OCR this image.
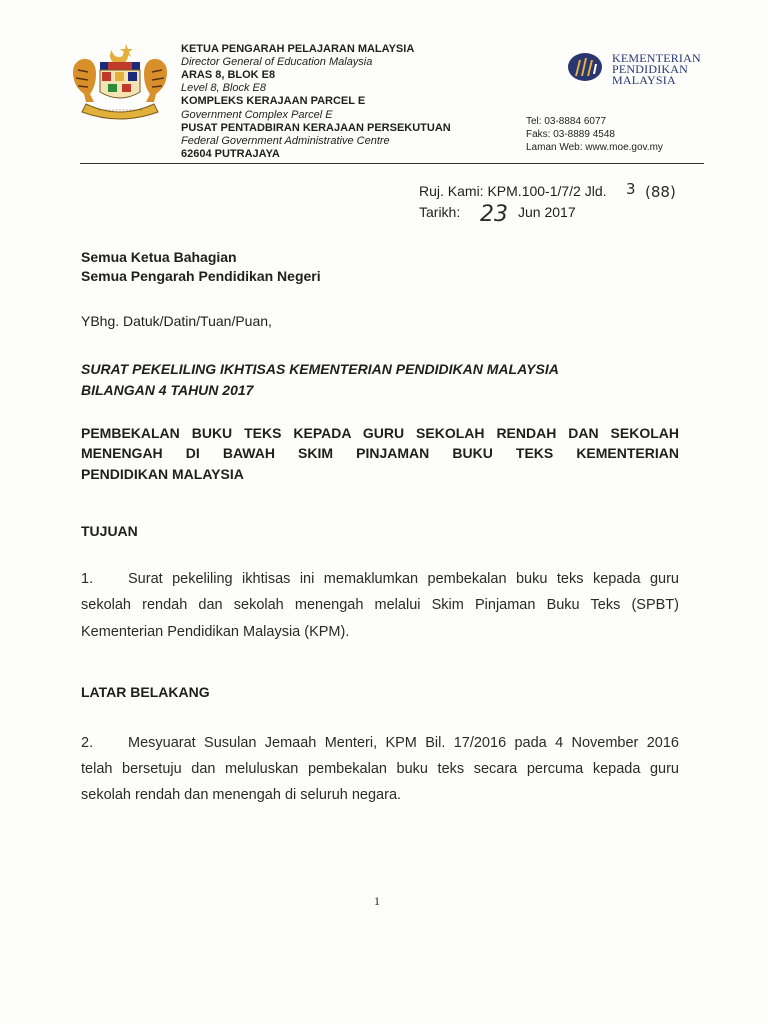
KETUA PENGARAH PELAJARAN MALAYSIA
Director General of Education Malaysia
ARAS 8, BLOK E8
Level 8, Block E8
KOMPLEKS KERAJAAN PARCEL E
Government Complex Parcel E
PUSAT PENTADBIRAN KERAJAAN PERSEKUTUAN
Federal Government Administrative Centre
62604 PUTRAJAYA
KEMENTERIAN
PENDIDIKAN
MALAYSIA
Tel: 03-8884 6077
Faks: 03-8889 4548
Laman Web: www.moe.gov.my
Ruj. Kami: KPM.100-1/7/2 Jld. 3 (88)
Tarikh: 23 Jun 2017
Semua Ketua Bahagian
Semua Pengarah Pendidikan Negeri
YBhg. Datuk/Datin/Tuan/Puan,
SURAT PEKELILING IKHTISAS KEMENTERIAN PENDIDIKAN MALAYSIA
BILANGAN 4 TAHUN 2017
PEMBEKALAN BUKU TEKS KEPADA GURU SEKOLAH RENDAH DAN SEKOLAH
MENENGAH DI BAWAH SKIM PINJAMAN BUKU TEKS KEMENTERIAN
PENDIDIKAN MALAYSIA
TUJUAN
1. Surat pekeliling ikhtisas ini memaklumkan pembekalan buku teks kepada guru
sekolah rendah dan sekolah menengah melalui Skim Pinjaman Buku Teks (SPBT)
Kementerian Pendidikan Malaysia (KPM).
LATAR BELAKANG
2. Mesyuarat Susulan Jemaah Menteri, KPM Bil. 17/2016 pada 4 November 2016
telah bersetuju dan meluluskan pembekalan buku teks secara percuma kepada guru
sekolah rendah dan menengah di seluruh negara.
1
